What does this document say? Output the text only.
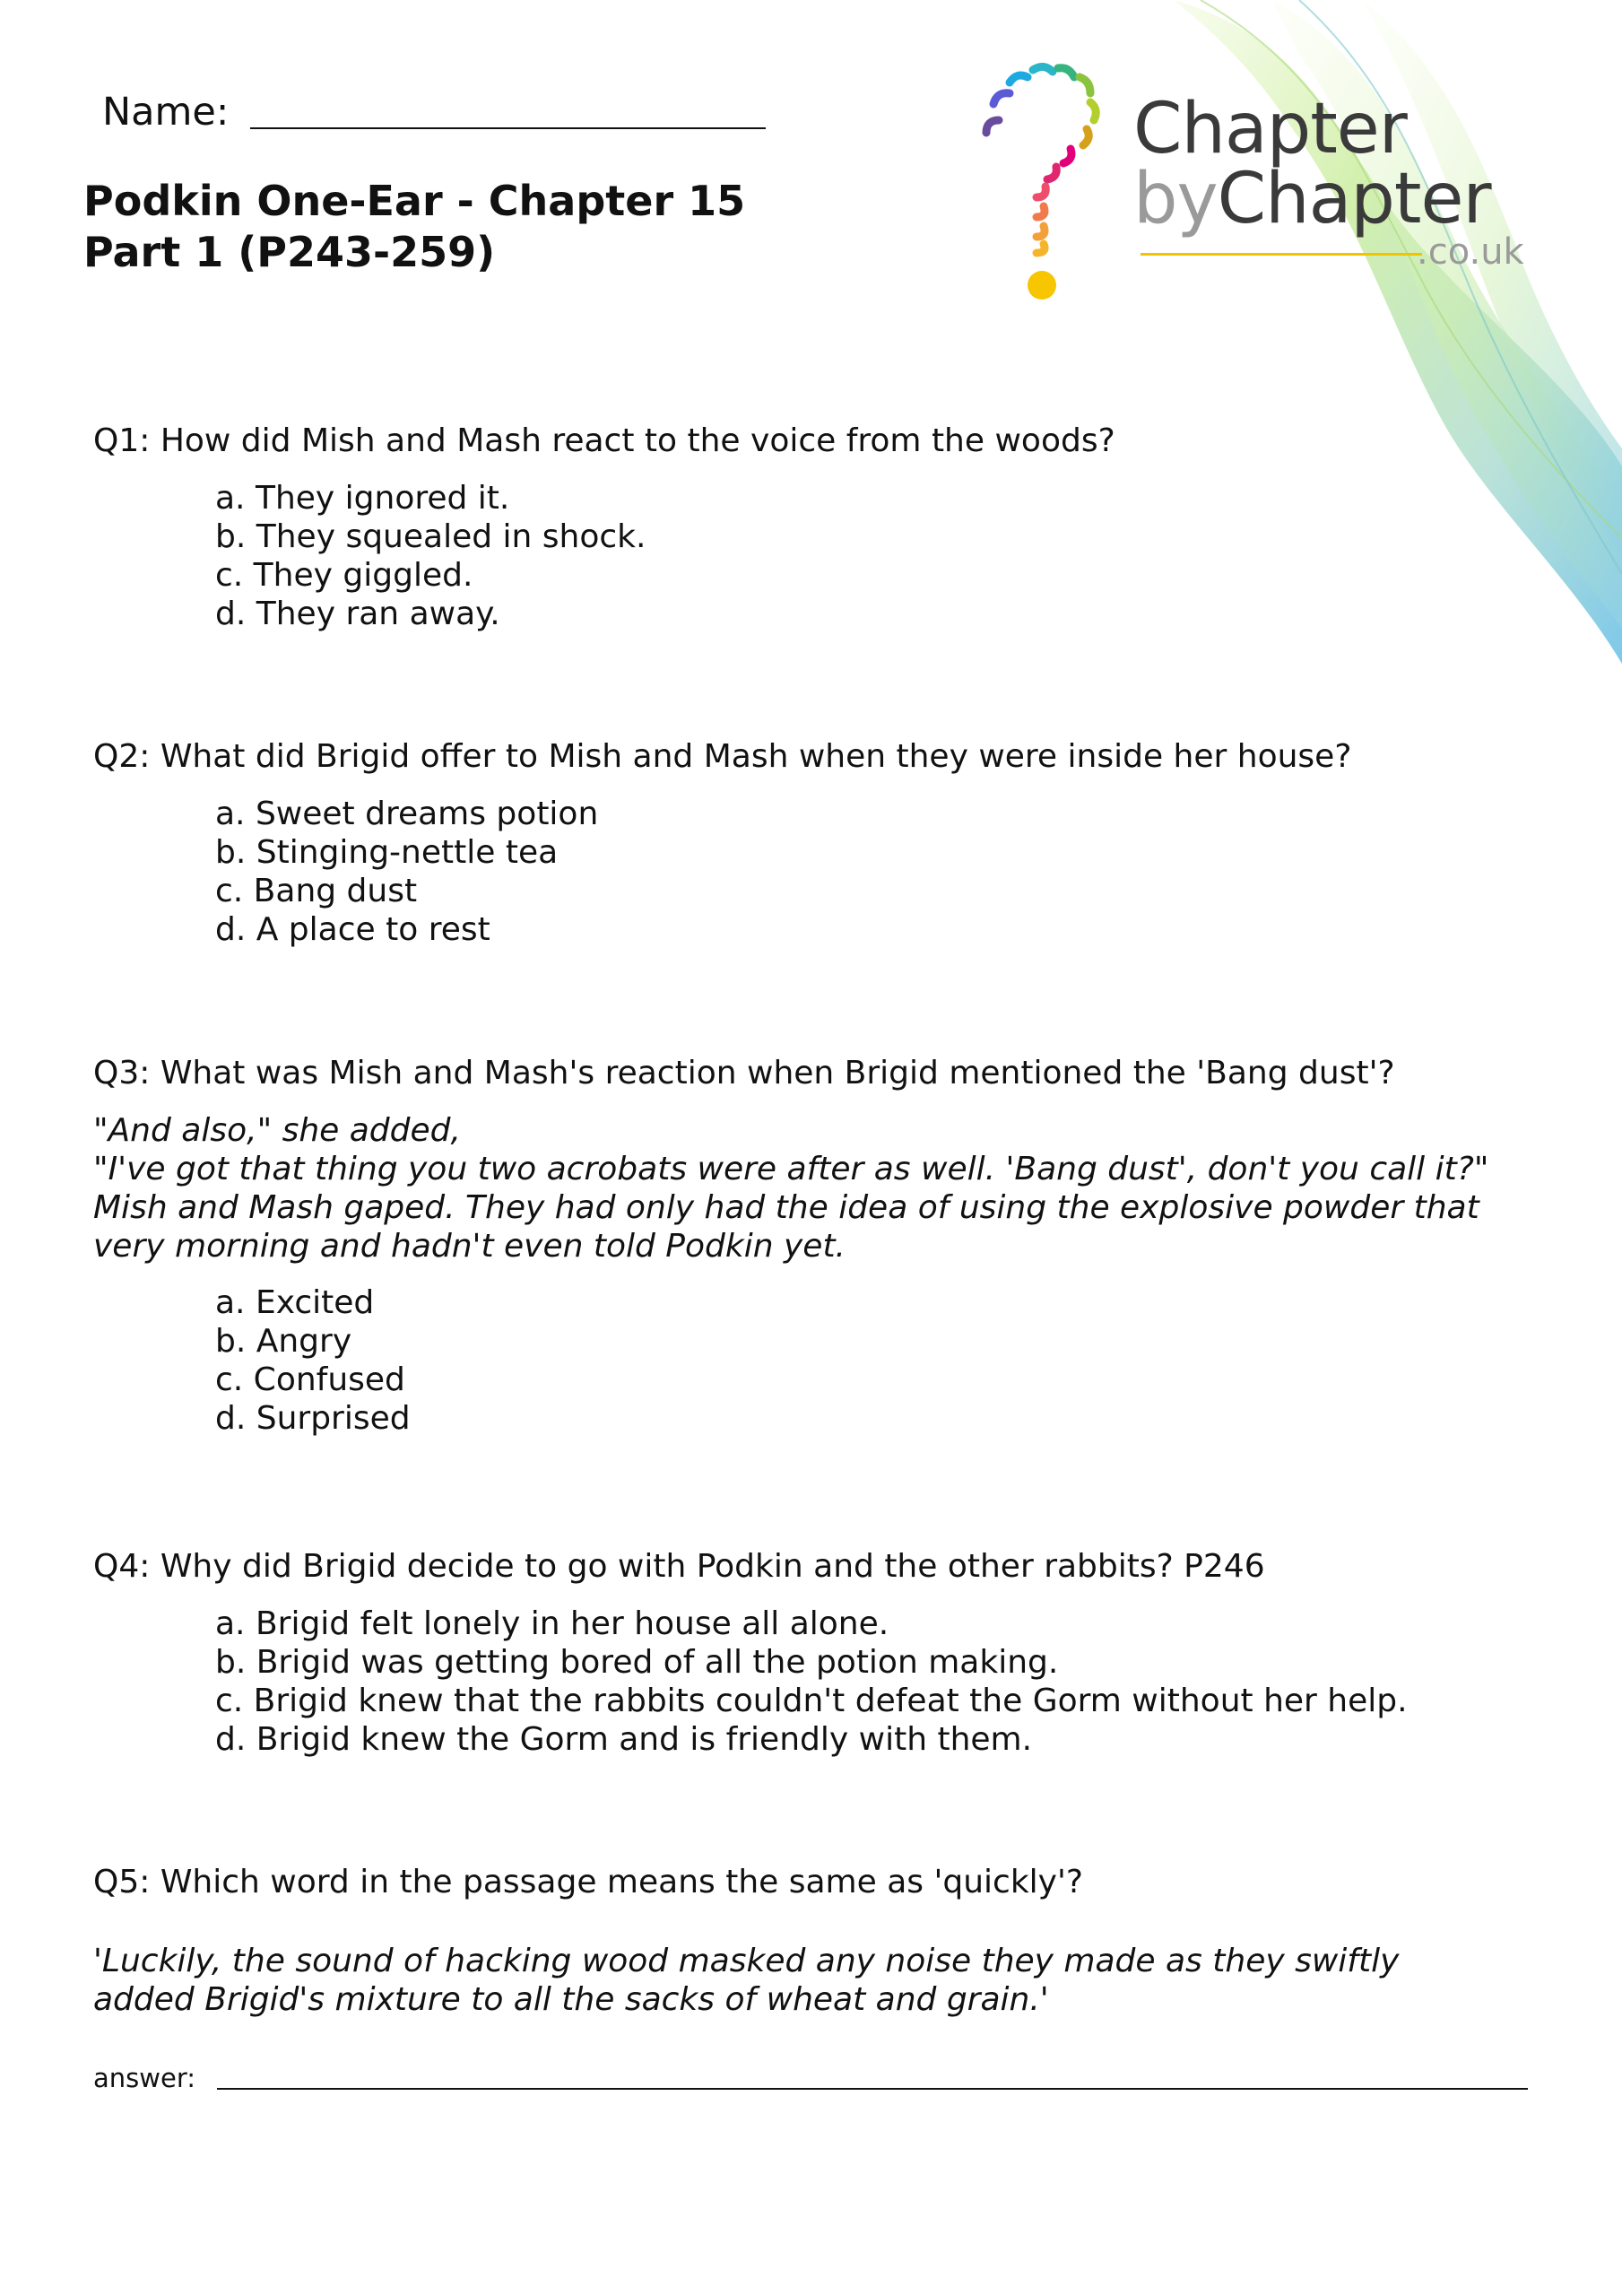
Name:
Podkin One-Ear - Chapter 15
Part 1 (P243-259)
Chapter
byChapter
.co.uk

Q1: How did Mish and Mash react to the voice from the woods?

a. They ignored it.
b. They squealed in shock.
c. They giggled.
d. They ran away.

Q2: What did Brigid offer to Mish and Mash when they were inside her house?

a. Sweet dreams potion
b. Stinging-nettle tea
c. Bang dust
d. A place to rest

Q3: What was Mish and Mash's reaction when Brigid mentioned the 'Bang dust'?

"And also," she added,
"I've got that thing you two acrobats were after as well. 'Bang dust', don't you call it?"
Mish and Mash gaped. They had only had the idea of using the explosive powder that
very morning and hadn't even told Podkin yet.

a. Excited
b. Angry
c. Confused
d. Surprised

Q4: Why did Brigid decide to go with Podkin and the other rabbits? P246

a. Brigid felt lonely in her house all alone.
b. Brigid was getting bored of all the potion making.
c. Brigid knew that the rabbits couldn't defeat the Gorm without her help.
d. Brigid knew the Gorm and is friendly with them.

Q5: Which word in the passage means the same as 'quickly'?

'Luckily, the sound of hacking wood masked any noise they made as they swiftly
added Brigid's mixture to all the sacks of wheat and grain.'

answer:
